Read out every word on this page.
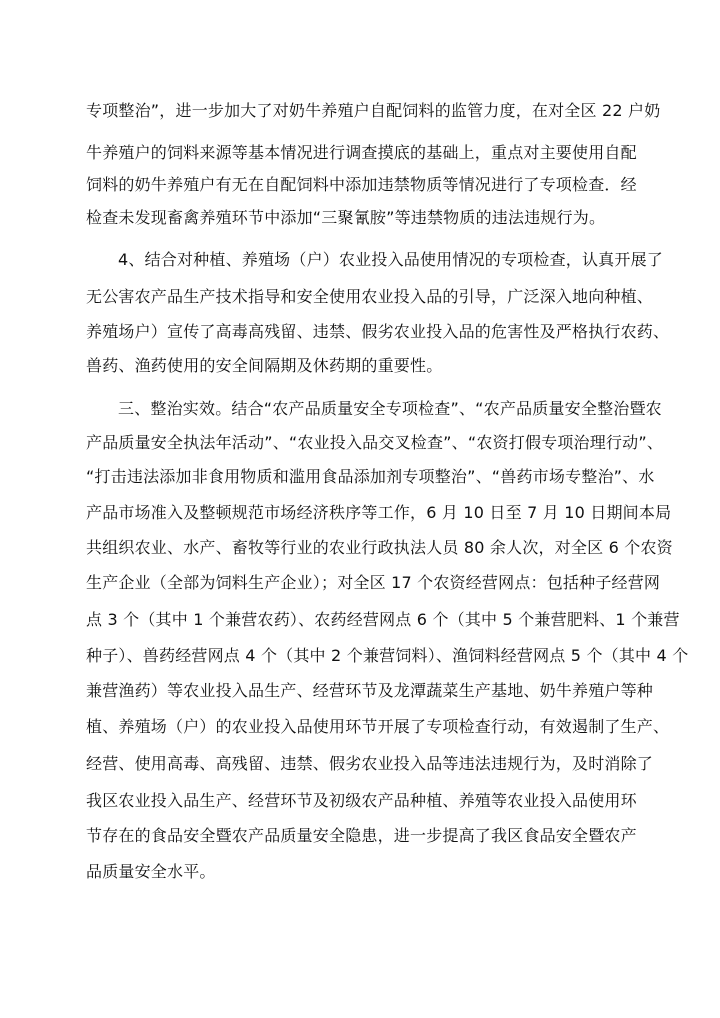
专项整治”，进一步加大了对奶牛养殖户自配饲料的监管力度，在对全区 22 户奶
牛养殖户的饲料来源等基本情况进行调查摸底的基础上，重点对主要使用自配
饲料的奶牛养殖户有无在自配饲料中添加违禁物质等情况进行了专项检查．经
检查未发现畜禽养殖环节中添加“三聚氰胺”等违禁物质的违法违规行为。
4、结合对种植、养殖场（户）农业投入品使用情况的专项检查，认真开展了
无公害农产品生产技术指导和安全使用农业投入品的引导，广泛深入地向种植、
养殖场户）宣传了高毒高残留、违禁、假劣农业投入品的危害性及严格执行农药、
兽药、渔药使用的安全间隔期及休药期的重要性。
三、整治实效。结合“农产品质量安全专项检查”、“农产品质量安全整治暨农
产品质量安全执法年活动”、“农业投入品交叉检查”、“农资打假专项治理行动”、
“打击违法添加非食用物质和滥用食品添加剂专项整治”、“兽药市场专整治”、水
产品市场准入及整顿规范市场经济秩序等工作，6 月 10 日至 7 月 10 日期间本局
共组织农业、水产、畜牧等行业的农业行政执法人员 80 余人次，对全区 6 个农资
生产企业（全部为饲料生产企业）；对全区 17 个农资经营网点：包括种子经营网
点 3 个（其中 1 个兼营农药）、农药经营网点 6 个（其中 5 个兼营肥料、1 个兼营
种子）、兽药经营网点 4 个（其中 2 个兼营饲料）、渔饲料经营网点 5 个（其中 4 个
兼营渔药）等农业投入品生产、经营环节及龙潭蔬菜生产基地、奶牛养殖户等种
植、养殖场（户）的农业投入品使用环节开展了专项检查行动，有效遏制了生产、
经营、使用高毒、高残留、违禁、假劣农业投入品等违法违规行为，及时消除了
我区农业投入品生产、经营环节及初级农产品种植、养殖等农业投入品使用环
节存在的食品安全暨农产品质量安全隐患，进一步提高了我区食品安全暨农产
品质量安全水平。
